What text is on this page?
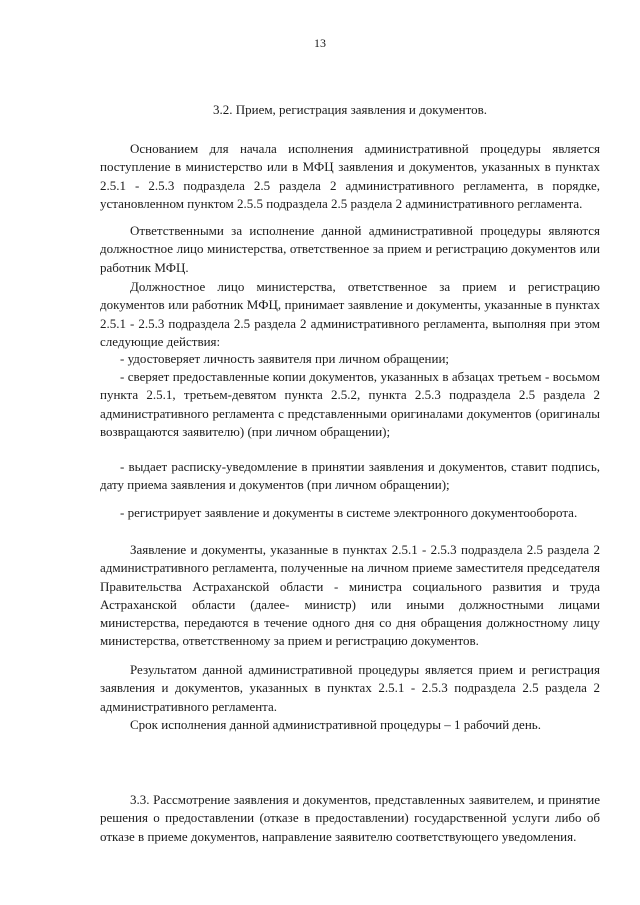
13
3.2. Прием, регистрация заявления и документов.

Основанием для начала исполнения административной процедуры является поступление в министерство или в МФЦ заявления и документов, указанных в пунктах 2.5.1 - 2.5.3 подраздела 2.5 раздела 2 административного регламента, в порядке, установленном пунктом 2.5.5 подраздела 2.5 раздела 2 административного регламента.

Ответственными за исполнение данной административной процедуры являются должностное лицо министерства, ответственное за прием и регистрацию документов или работник МФЦ.

Должностное лицо министерства, ответственное за прием и регистрацию документов или работник МФЦ, принимает заявление и документы, указанные в пунктах 2.5.1 - 2.5.3 подраздела 2.5 раздела 2 административного регламента, выполняя при этом следующие действия:

- удостоверяет личность заявителя при личном обращении;

- сверяет предоставленные копии документов, указанных в абзацах третьем - восьмом пункта 2.5.1, третьем-девятом пункта 2.5.2, пункта 2.5.3 подраздела 2.5 раздела 2 административного регламента с представленными оригиналами документов (оригиналы возвращаются заявителю) (при личном обращении);

- выдает расписку-уведомление в принятии заявления и документов, ставит подпись, дату приема заявления и документов (при личном обращении);

- регистрирует заявление и документы в системе электронного документооборота.

Заявление и документы, указанные в пунктах 2.5.1 - 2.5.3 подраздела 2.5 раздела 2 административного регламента, полученные на личном приеме заместителя председателя Правительства Астраханской области - министра социального развития и труда Астраханской области (далее- министр) или иными должностными лицами министерства, передаются в течение одного дня со дня обращения должностному лицу министерства, ответственному за прием и регистрацию документов.

Результатом данной административной процедуры является прием и регистрация заявления и документов, указанных в пунктах 2.5.1 - 2.5.3 подраздела 2.5 раздела 2 административного регламента.

Срок исполнения данной административной процедуры – 1 рабочий день.

3.3. Рассмотрение заявления и документов, представленных заявителем, и принятие решения о предоставлении (отказе в предоставлении) государственной услуги либо об отказе в приеме документов, направление заявителю соответствующего уведомления.
